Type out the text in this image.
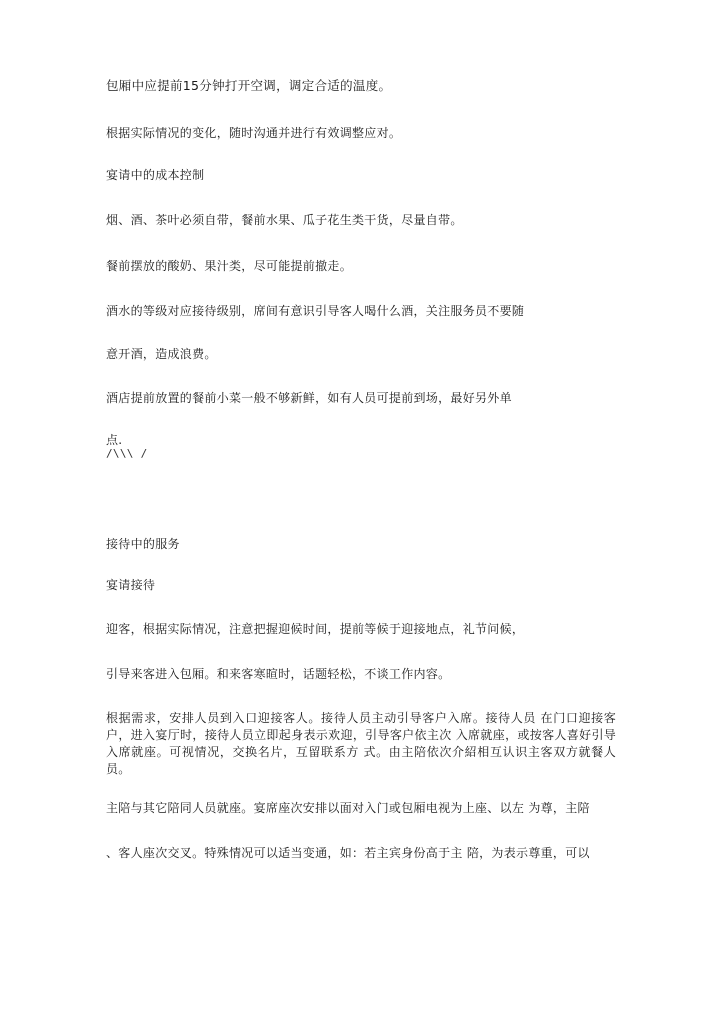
包厢中应提前15分钟打开空调，调定合适的温度。

根据实际情况的变化，随时沟通并进行有效调整应对。

宴请中的成本控制

烟、酒、茶叶必须自带，餐前水果、瓜子花生类干货，尽量自带。

餐前摆放的酸奶、果汁类，尽可能提前撤走。

酒水的等级对应接待级别，席间有意识引导客人喝什么酒，关注服务员不要随

意开酒，造成浪费。

酒店提前放置的餐前小菜一般不够新鲜，如有人员可提前到场，最好另外单

点.

/\\\ /

接待中的服务

宴请接待

迎客，根据实际情况，注意把握迎候时间，提前等候于迎接地点，礼节问候，

引导来客进入包厢。和来客寒暄时，话题轻松，不谈工作内容。

根据需求，安排人员到入口迎接客人。接待人员主动引导客户入席。接待人员 在门口迎接客户，进入宴厅时，接待人员立即起身表示欢迎，引导客户依主次 入席就座，或按客人喜好引导入席就座。可视情况，交换名片，互留联系方 式。由主陪依次介紹相互认识主客双方就餐人员。

主陪与其它陪同人员就座。宴席座次安排以面对入门或包厢电视为上座、以左 为尊，主陪

、客人座次交叉。特殊情况可以适当变通，如：若主宾身份高于主 陪，为表示尊重，可以
